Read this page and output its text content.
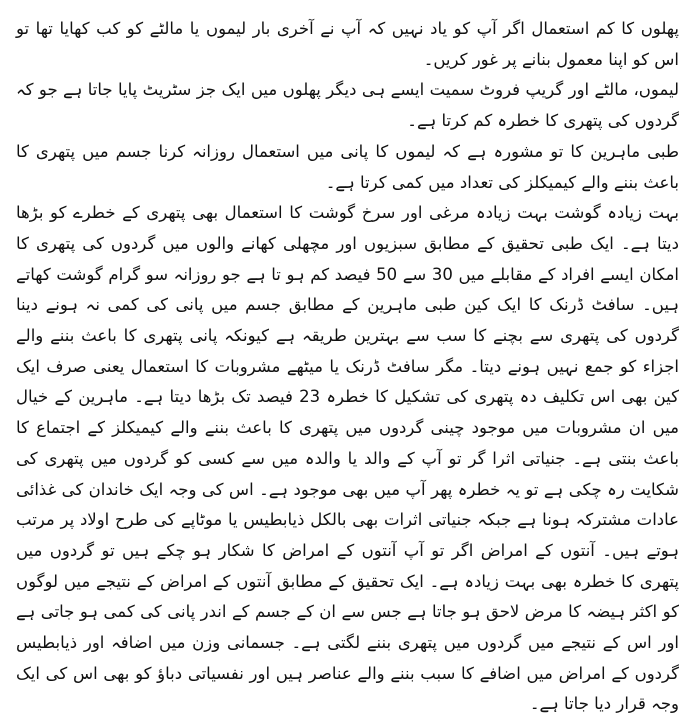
پھلوں کا کم استعمال اگر آپ کو یاد نہیں کہ آپ نے آخری بار لیموں یا مالٹے کو کب کھایا تھا تو اس کو اپنا معمول بنانے پر غور کریں۔

لیموں، مالٹے اور گریپ فروٹ سمیت ایسے ہی دیگر پھلوں میں ایک جز سٹریٹ پایا جاتا ہے جو کہ گردوں کی پتھری کا خطرہ کم کرتا ہے۔

طبی ماہرین کا تو مشورہ ہے کہ لیموں کا پانی میں استعمال روزانہ کرنا جسم میں پتھری کا باعث بننے والے کیمیکلز کی تعداد میں کمی کرتا ہے۔

بہت زیادہ گوشت بہت زیادہ مرغی اور سرخ گوشت کا استعمال بھی پتھری کے خطرے کو بڑھا دیتا ہے۔ ایک طبی تحقیق کے مطابق سبزیوں اور مچھلی کھانے والوں میں گردوں کی پتھری کا امکان ایسے افراد کے مقابلے میں 30 سے 50 فیصد کم ہو تا ہے جو روزانہ سو گرام گوشت کھاتے ہیں۔ سافٹ ڈرنک کا ایک کین طبی ماہرین کے مطابق جسم میں پانی کی کمی نہ ہونے دینا گردوں کی پتھری سے بچنے کا سب سے بہترین طریقہ ہے کیونکہ پانی پتھری کا باعث بننے والے اجزاء کو جمع نہیں ہونے دیتا۔ مگر سافٹ ڈرنک یا میٹھے مشروبات کا استعمال یعنی صرف ایک کین بھی اس تکلیف دہ پتھری کی تشکیل کا خطرہ 23 فیصد تک بڑھا دیتا ہے۔ ماہرین کے خیال میں ان مشروبات میں موجود چینی گردوں میں پتھری کا باعث بننے والے کیمیکلز کے اجتماع کا باعث بنتی ہے۔ جنیاتی اثرا گر تو آپ کے والد یا والدہ میں سے کسی کو گردوں میں پتھری کی شکایت رہ چکی ہے تو یہ خطرہ پھر آپ میں بھی موجود ہے۔ اس کی وجہ ایک خاندان کی غذائی عادات مشترکہ ہونا ہے جبکہ جنیاتی اثرات بھی بالکل ذیابطیس یا موٹاپے کی طرح اولاد پر مرتب ہوتے ہیں۔ آنتوں کے امراض اگر تو آپ آنتوں کے امراض کا شکار ہو چکے ہیں تو گردوں میں پتھری کا خطرہ بھی بہت زیادہ ہے۔ ایک تحقیق کے مطابق آنتوں کے امراض کے نتیجے میں لوگوں کو اکثر ہیضہ کا مرض لاحق ہو جاتا ہے جس سے ان کے جسم کے اندر پانی کی کمی ہو جاتی ہے اور اس کے نتیجے میں گردوں میں پتھری بننے لگتی ہے۔ جسمانی وزن میں اضافہ اور ذیابطیس گردوں کے امراض میں اضافے کا سبب بننے والے عناصر ہیں اور نفسیاتی دباؤ کو بھی اس کی ایک وجہ قرار دیا جاتا ہے۔
